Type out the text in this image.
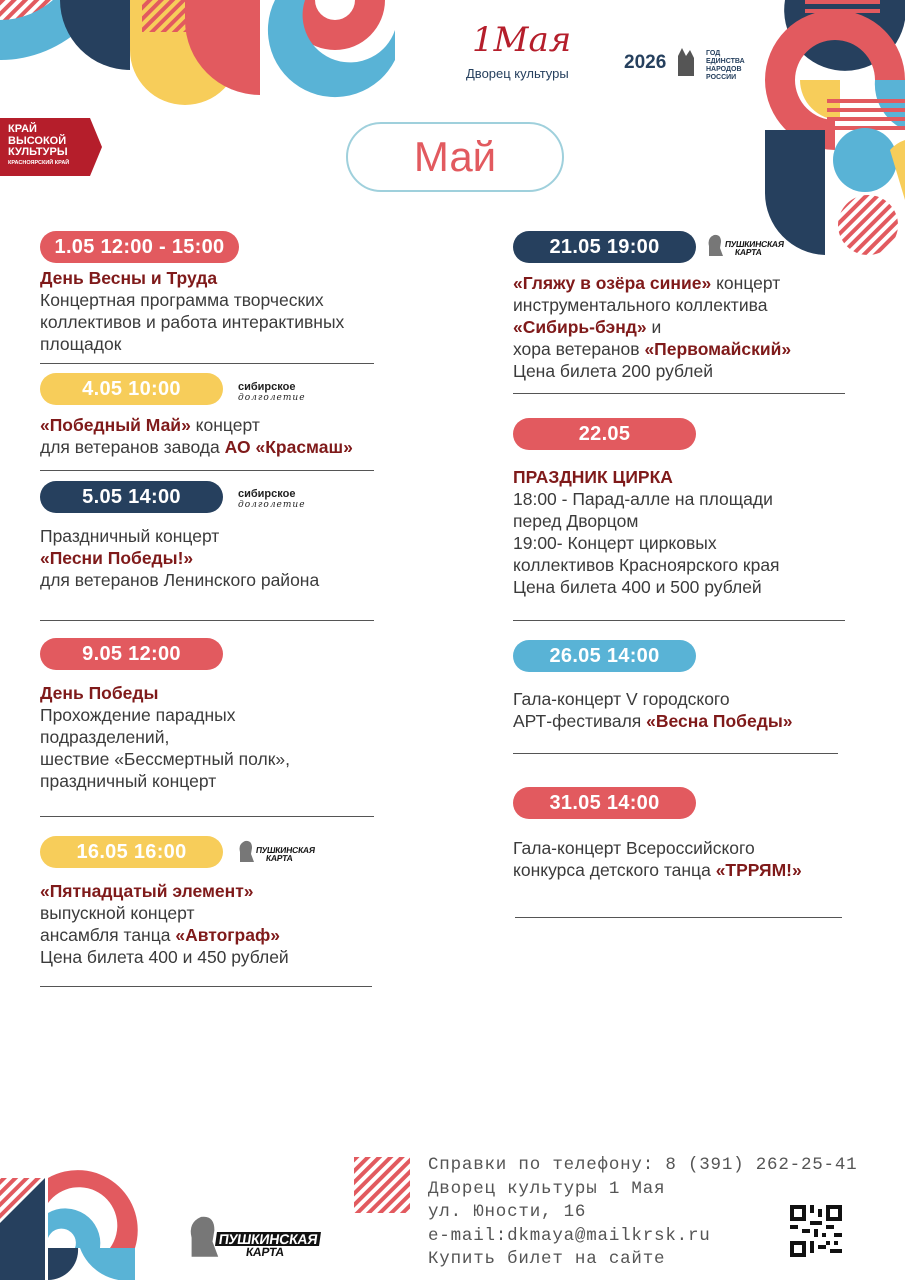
1Мая
Дворец культуры
2026	ГОД
ЕДИНСТВА
НАРОДОВ
РОССИИ
КРАЙ
ВЫСОКОЙ
КУЛЬТУРЫ
КРАСНОЯРСКИЙ КРАЙ	Май
1.05 12:00 - 15:00
День Весны и Труда
Концертная программа творческих
коллективов и работа интерактивных
площадок
4.05 10:00
«Победный Май» концерт
для ветеранов завода АО «Красмаш»
сибирское
долголетие
5.05 14:00
Праздничный концерт
«Песни Победы!»
для ветеранов Ленинского района
сибирское
долголетие
9.05 12:00
День Победы
Прохождение парадных
подразделений,
шествие «Бессмертный полк»,
праздничный концерт
16.05 16:00
«Пятнадцатый элемент»
выпускной концерт
ансамбля танца «Автограф»
Цена билета 400 и 450 рублей
ПУШКИНСКАЯ
КАРТА
21.05 19:00
«Гляжу в озёра синие» концерт
инструментального коллектива
«Сибирь-бэнд» и
хора ветеранов «Первомайский»
Цена билета 200 рублей
ПУШКИНСКАЯ
КАРТА
22.05
ПРАЗДНИК ЦИРКА
18:00 - Парад-алле на площади
перед Дворцом
19:00- Концерт цирковых
коллективов Красноярского края
Цена билета 400 и 500 рублей
26.05 14:00
Гала-концерт V городского
АРТ-фестиваля «Весна Победы»
31.05 14:00
Гала-концерт Всероссийского
конкурса детского танца «ТРРЯМ!»
ПУШКИНСКАЯ
КАРТА
Справки по телефону: 8 (391) 262-25-41
Дворец культуры 1 Мая
ул. Юности, 16
e-mail:dkmaya@mailkrsk.ru
Купить билет на сайте
